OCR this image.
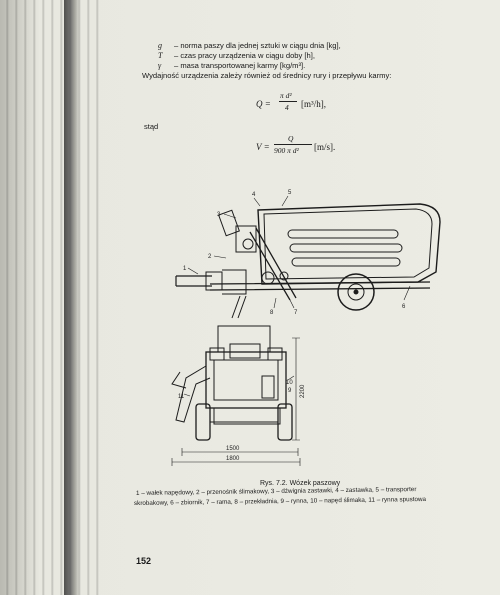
g – norma paszy dla jednej sztuki w ciągu dnia [kg],
T – czas pracy urządzenia w ciągu doby [h],
γ – masa transportowanej karmy [kg/m³].
Wydajność urządzenia zależy również od średnicy rury i przepływu karmy:
Q =
π d²
4 [m³/h],
stąd
V =
Q
900 π d² [m/s].
1
2
3
4	5
6
7
8
1500
1800
2200
10
9
11
Rys. 7.2. Wózek paszowy
1 – wałek napędowy, 2 – przenośnik ślimakowy, 3 – dźwignia zastawki, 4 – zastawka, 5 – transporter
skrobakowy, 6 – zbiornik, 7 – rama, 8 – przekładnia, 9 – rynna, 10 – napęd ślimaka, 11 – rynna spustowa
152
